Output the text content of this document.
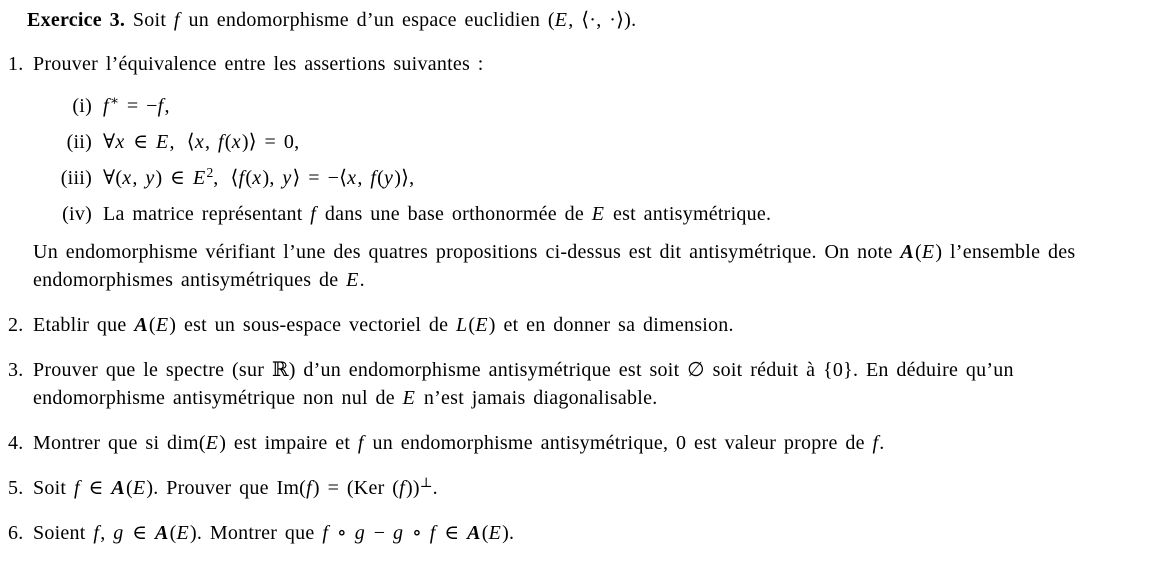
Exercice 3. Soit f un endomorphisme d’un espace euclidien (E, ⟨·, ·⟩).

1. Prouver l’équivalence entre les assertions suivantes :
(i) f∗ = −f,
(ii) ∀x ∈ E,  ⟨x, f(x)⟩ = 0,
(iii) ∀(x, y) ∈ $E^2$,  ⟨f(x), y⟩ = −⟨x, f(y)⟩,
(iv) La matrice représentant f dans une base orthonormée de E est antisymétrique.

Un endomorphisme vérifiant l’une des quatres propositions ci-dessus est dit antisymétrique. On note A(E) l’ensemble des endomorphismes antisymétriques de E.

2. Etablir que A(E) est un sous-espace vectoriel de L(E) et en donner sa dimension.
3. Prouver que le spectre (sur ℝ) d’un endomorphisme antisymétrique est soit ∅ soit réduit à {0}. En déduire qu’un endomorphisme antisymétrique non nul de E n’est jamais diagonalisable.
4. Montrer que si dim(E) est impaire et f un endomorphisme antisymétrique, 0 est valeur propre de f.
5. Soit f ∈ A(E). Prouver que Im(f) = (Ker (f))⊥.
6. Soient f, g ∈ A(E). Montrer que f ∘ g − g ∘ f ∈ A(E).
